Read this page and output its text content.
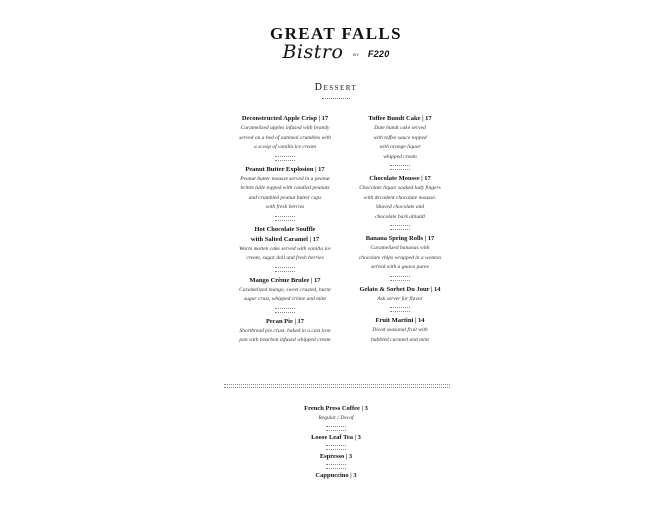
GREAT FALLS
Bistro BY F220
Dessert
Deconstructed Apple Crisp | 17
Caramelized apples infused with brandy
served on a bed of oatmeal crumbles with
a scoop of vanilla ice cream
Peanut Butter Explosion | 17
Peanut butter mousse served in a peanut
brittle tulle topped with candied peanuts
and crumbled peanut butter cups
with fresh berries
Hot Chocolate Souffle
with Salted Caramel | 17
Warm molten cake served with vanilla ice
cream, sugar doll and fresh berries
Mango Crème Brulee | 17
Caramelized mango, sweet crusted, burnt
sugar crust, whipped crème and mint
Pecan Pie | 17
Shortbread pie crust, baked in a cast iron
pan with bourbon infused whipped cream
Toffee Bundt Cake | 17
Date bundt cake served
with toffee sauce topped
with orange liquor
whipped cream
Chocolate Mousse | 17
Chocolate liquor soaked lady fingers
with decadent chocolate mousse.
Shaved chocolate and
chocolate bark ablutdl
Banana Spring Rolls | 17
Caramelized bananas with
chocolate chips wrapped in a wonton
served with a guava puree
Gelato & Sorbet Du Jour | 14
Ask server for flavor
Fruit Martini | 14
Diced seasonal fruit with
bubbled caramel and mint
French Press Coffee | 3
Regular / Decaf
Loose Leaf Tea | 3
Espresso | 3
Cappuccino | 3
